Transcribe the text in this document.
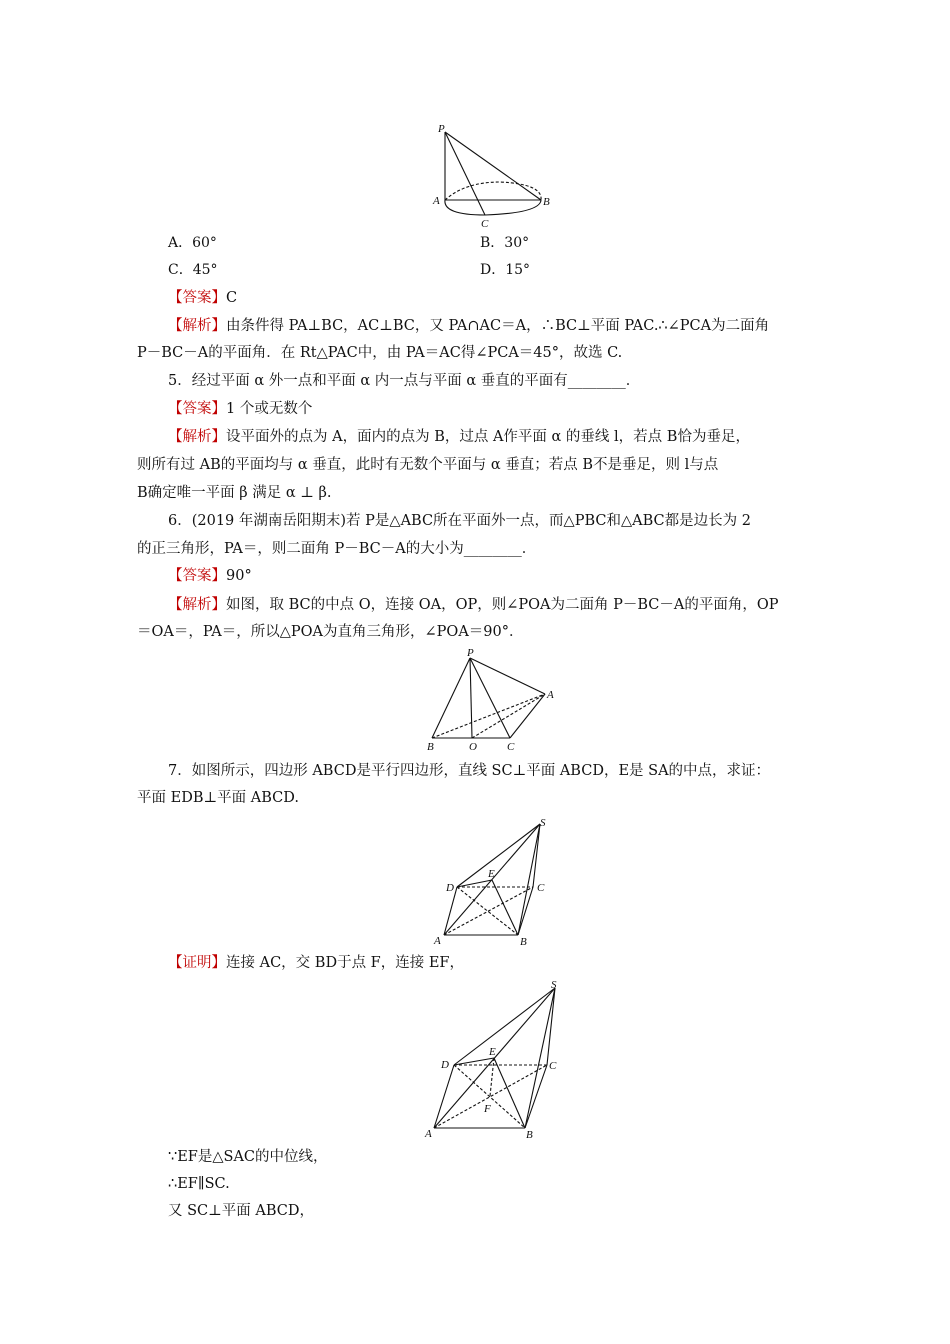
P
A	B
C
A．60°	B．30°
C．45°	D．15°
【答案】C
【解析】由条件得 PA⊥BC，AC⊥BC，又 PA∩AC＝A，∴BC⊥平面 PAC.∴∠PCA为二面角
P－BC－A的平面角．在 Rt△PAC中，由 PA＝AC得∠PCA＝45°，故选 C.
5．经过平面 α 外一点和平面 α 内一点与平面 α 垂直的平面有________．
【答案】1 个或无数个
【解析】设平面外的点为 A，面内的点为 B，过点 A作平面 α 的垂线 l，若点 B恰为垂足，
则所有过 AB的平面均与 α 垂直，此时有无数个平面与 α 垂直；若点 B不是垂足，则 l与点
B确定唯一平面 β 满足 α ⊥ β.
6．(2019 年湖南岳阳期末)若 P是△ABC所在平面外一点，而△PBC和△ABC都是边长为 2
的正三角形，PA＝，则二面角 P－BC－A的大小为________．
【答案】90°
【解析】如图，取 BC的中点 O，连接 OA，OP，则∠POA为二面角 P－BC－A的平面角，OP
＝OA＝，PA＝，所以△POA为直角三角形，∠POA＝90°．
P
A
B	O	C
7．如图所示，四边形 ABCD是平行四边形，直线 SC⊥平面 ABCD，E是 SA的中点，求证：
平面 EDB⊥平面 ABCD.
S
D
E
C
A	B
【证明】连接 AC，交 BD于点 F，连接 EF，
S
D
E
C
F
A	B
∵EF是△SAC的中位线，
∴EF∥SC.
又 SC⊥平面 ABCD，
